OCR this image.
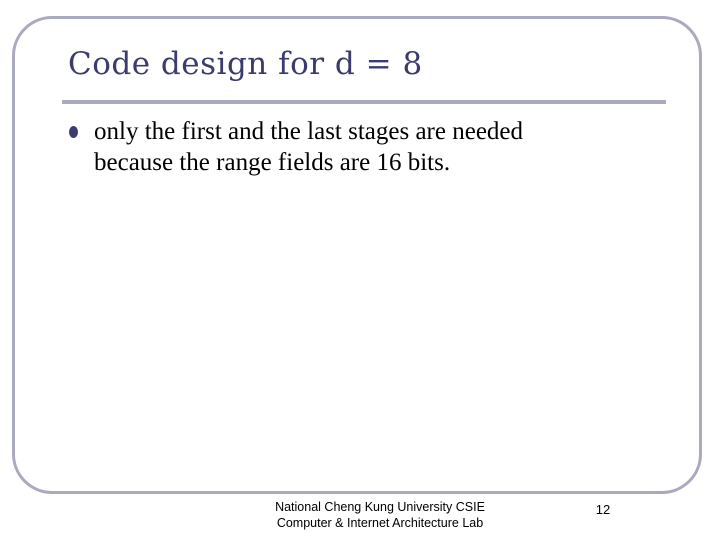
Code design for d = 8
only the first and the last stages are needed
because the range fields are 16 bits.
National Cheng Kung University CSIE
Computer & Internet Architecture Lab
12
